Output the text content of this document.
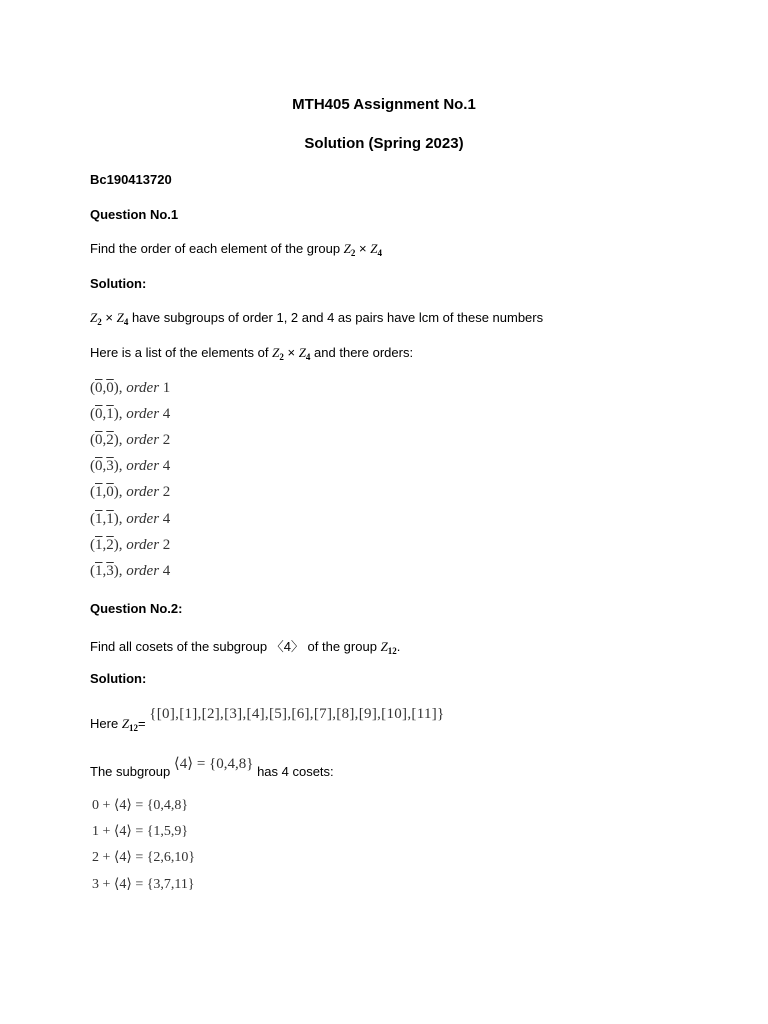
MTH405 Assignment No.1
Solution (Spring 2023)
Bc190413720
Question No.1
Find the order of each element of the group $Z_2 \times Z_4$
Solution:
$Z_2 \times Z_4$ have subgroups of order 1, 2 and 4 as pairs have lcm of these numbers
Here is a list of the elements of $Z_2 \times Z_4$ and there orders:
(0,0), order 1
(0,1), order 4
(0,2), order 2
(0,3), order 4
(1,0), order 2
(1,1), order 4
(1,2), order 2
(1,3), order 4
Question No.2:
Find all cosets of the subgroup 〈4〉 of the group $Z_{12}$.
Solution:
Here $Z_{12}= \{[0],[1],[2],[3],[4],[5],[6],[7],[8],[9],[10],[11]\}$
The subgroup ⟨4⟩ = {0,4,8} has 4 cosets:
0 + ⟨4⟩ = {0,4,8}
1 + ⟨4⟩ = {1,5,9}
2 + ⟨4⟩ = {2,6,10}
3 + ⟨4⟩ = {3,7,11}
